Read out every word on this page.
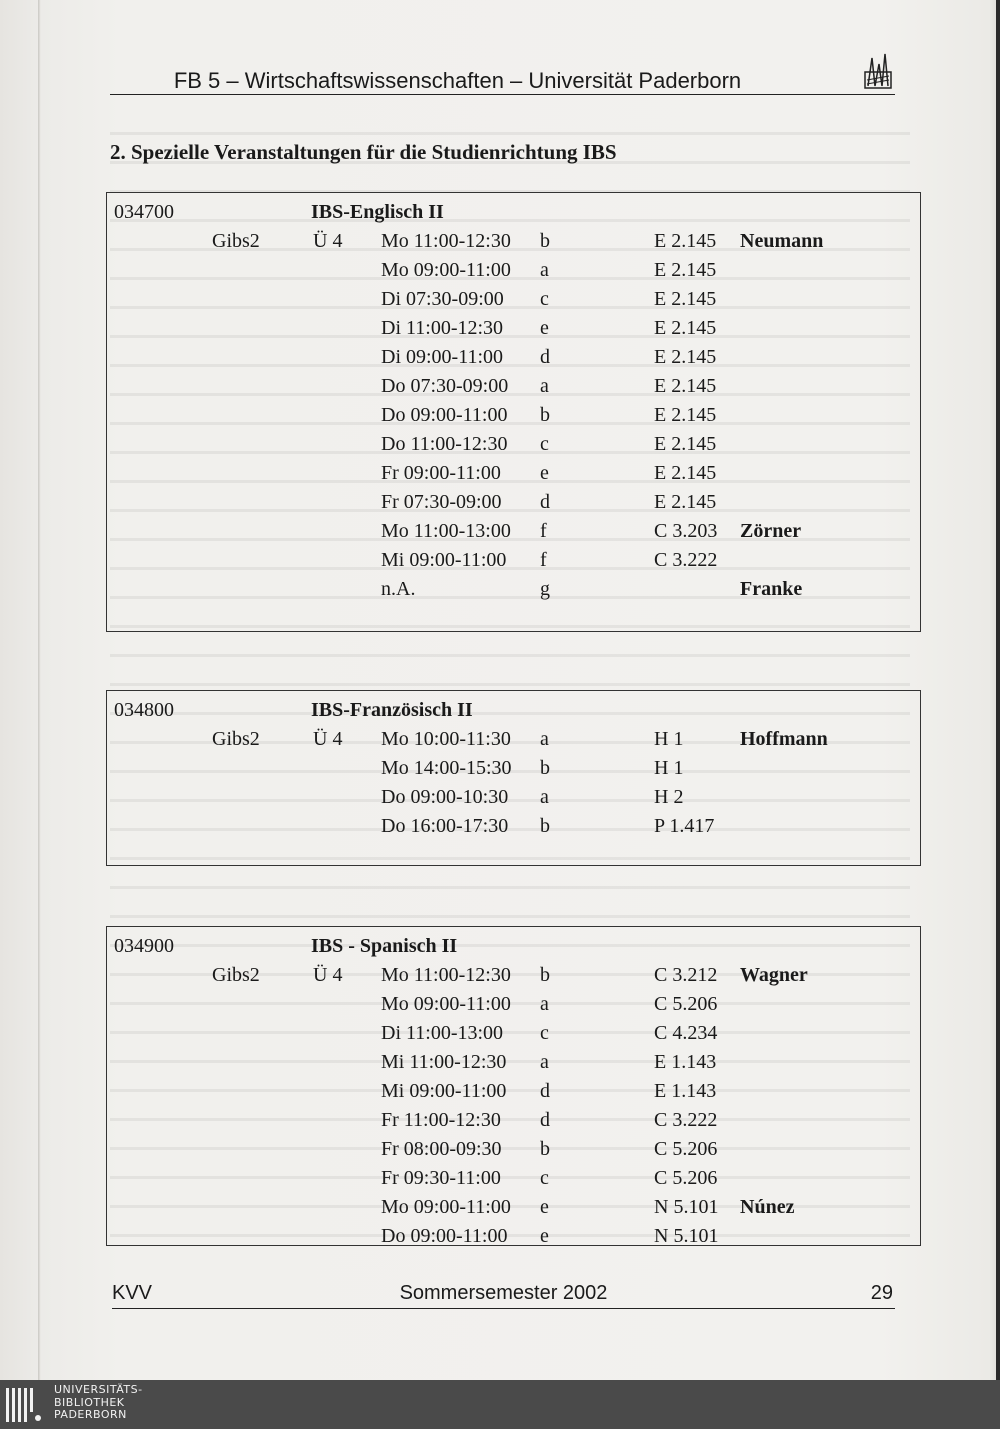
FB 5 – Wirtschaftswissenschaften – Universität Paderborn
2. Spezielle Veranstaltungen für die Studienrichtung IBS
034700	IBS-Englisch II
Gibs2	Ü 4 Mo 11:00-12:30 b	E 2.145 Neumann
Mo 09:00-11:00 a	E 2.145
Di 07:30-09:00 c	E 2.145
Di 11:00-12:30 e	E 2.145
Di 09:00-11:00 d	E 2.145
Do 07:30-09:00 a	E 2.145
Do 09:00-11:00 b	E 2.145
Do 11:00-12:30 c	E 2.145
Fr 09:00-11:00 e	E 2.145
Fr 07:30-09:00 d	E 2.145
Mo 11:00-13:00 f	C 3.203 Zörner
Mi 09:00-11:00 f	C 3.222
n.A.	g	Franke
034800	IBS-Französisch II
Gibs2	Ü 4 Mo 10:00-11:30 a	H 1	Hoffmann
Mo 14:00-15:30 b	H 1
Do 09:00-10:30 a	H 2
Do 16:00-17:30 b	P 1.417
034900	IBS - Spanisch II
Gibs2	Ü 4 Mo 11:00-12:30 b	C 3.212 Wagner
Mo 09:00-11:00 a	C 5.206
Di 11:00-13:00 c	C 4.234
Mi 11:00-12:30 a	E 1.143
Mi 09:00-11:00 d	E 1.143
Fr 11:00-12:30 d	C 3.222
Fr 08:00-09:30 b	C 5.206
Fr 09:30-11:00 c	C 5.206
Mo 09:00-11:00 e	N 5.101 Núnez
Do 09:00-11:00 e	N 5.101
KVV	Sommersemester 2002	29
UNIVERSITÄTS-
BIBLIOTHEK
PADERBORN
